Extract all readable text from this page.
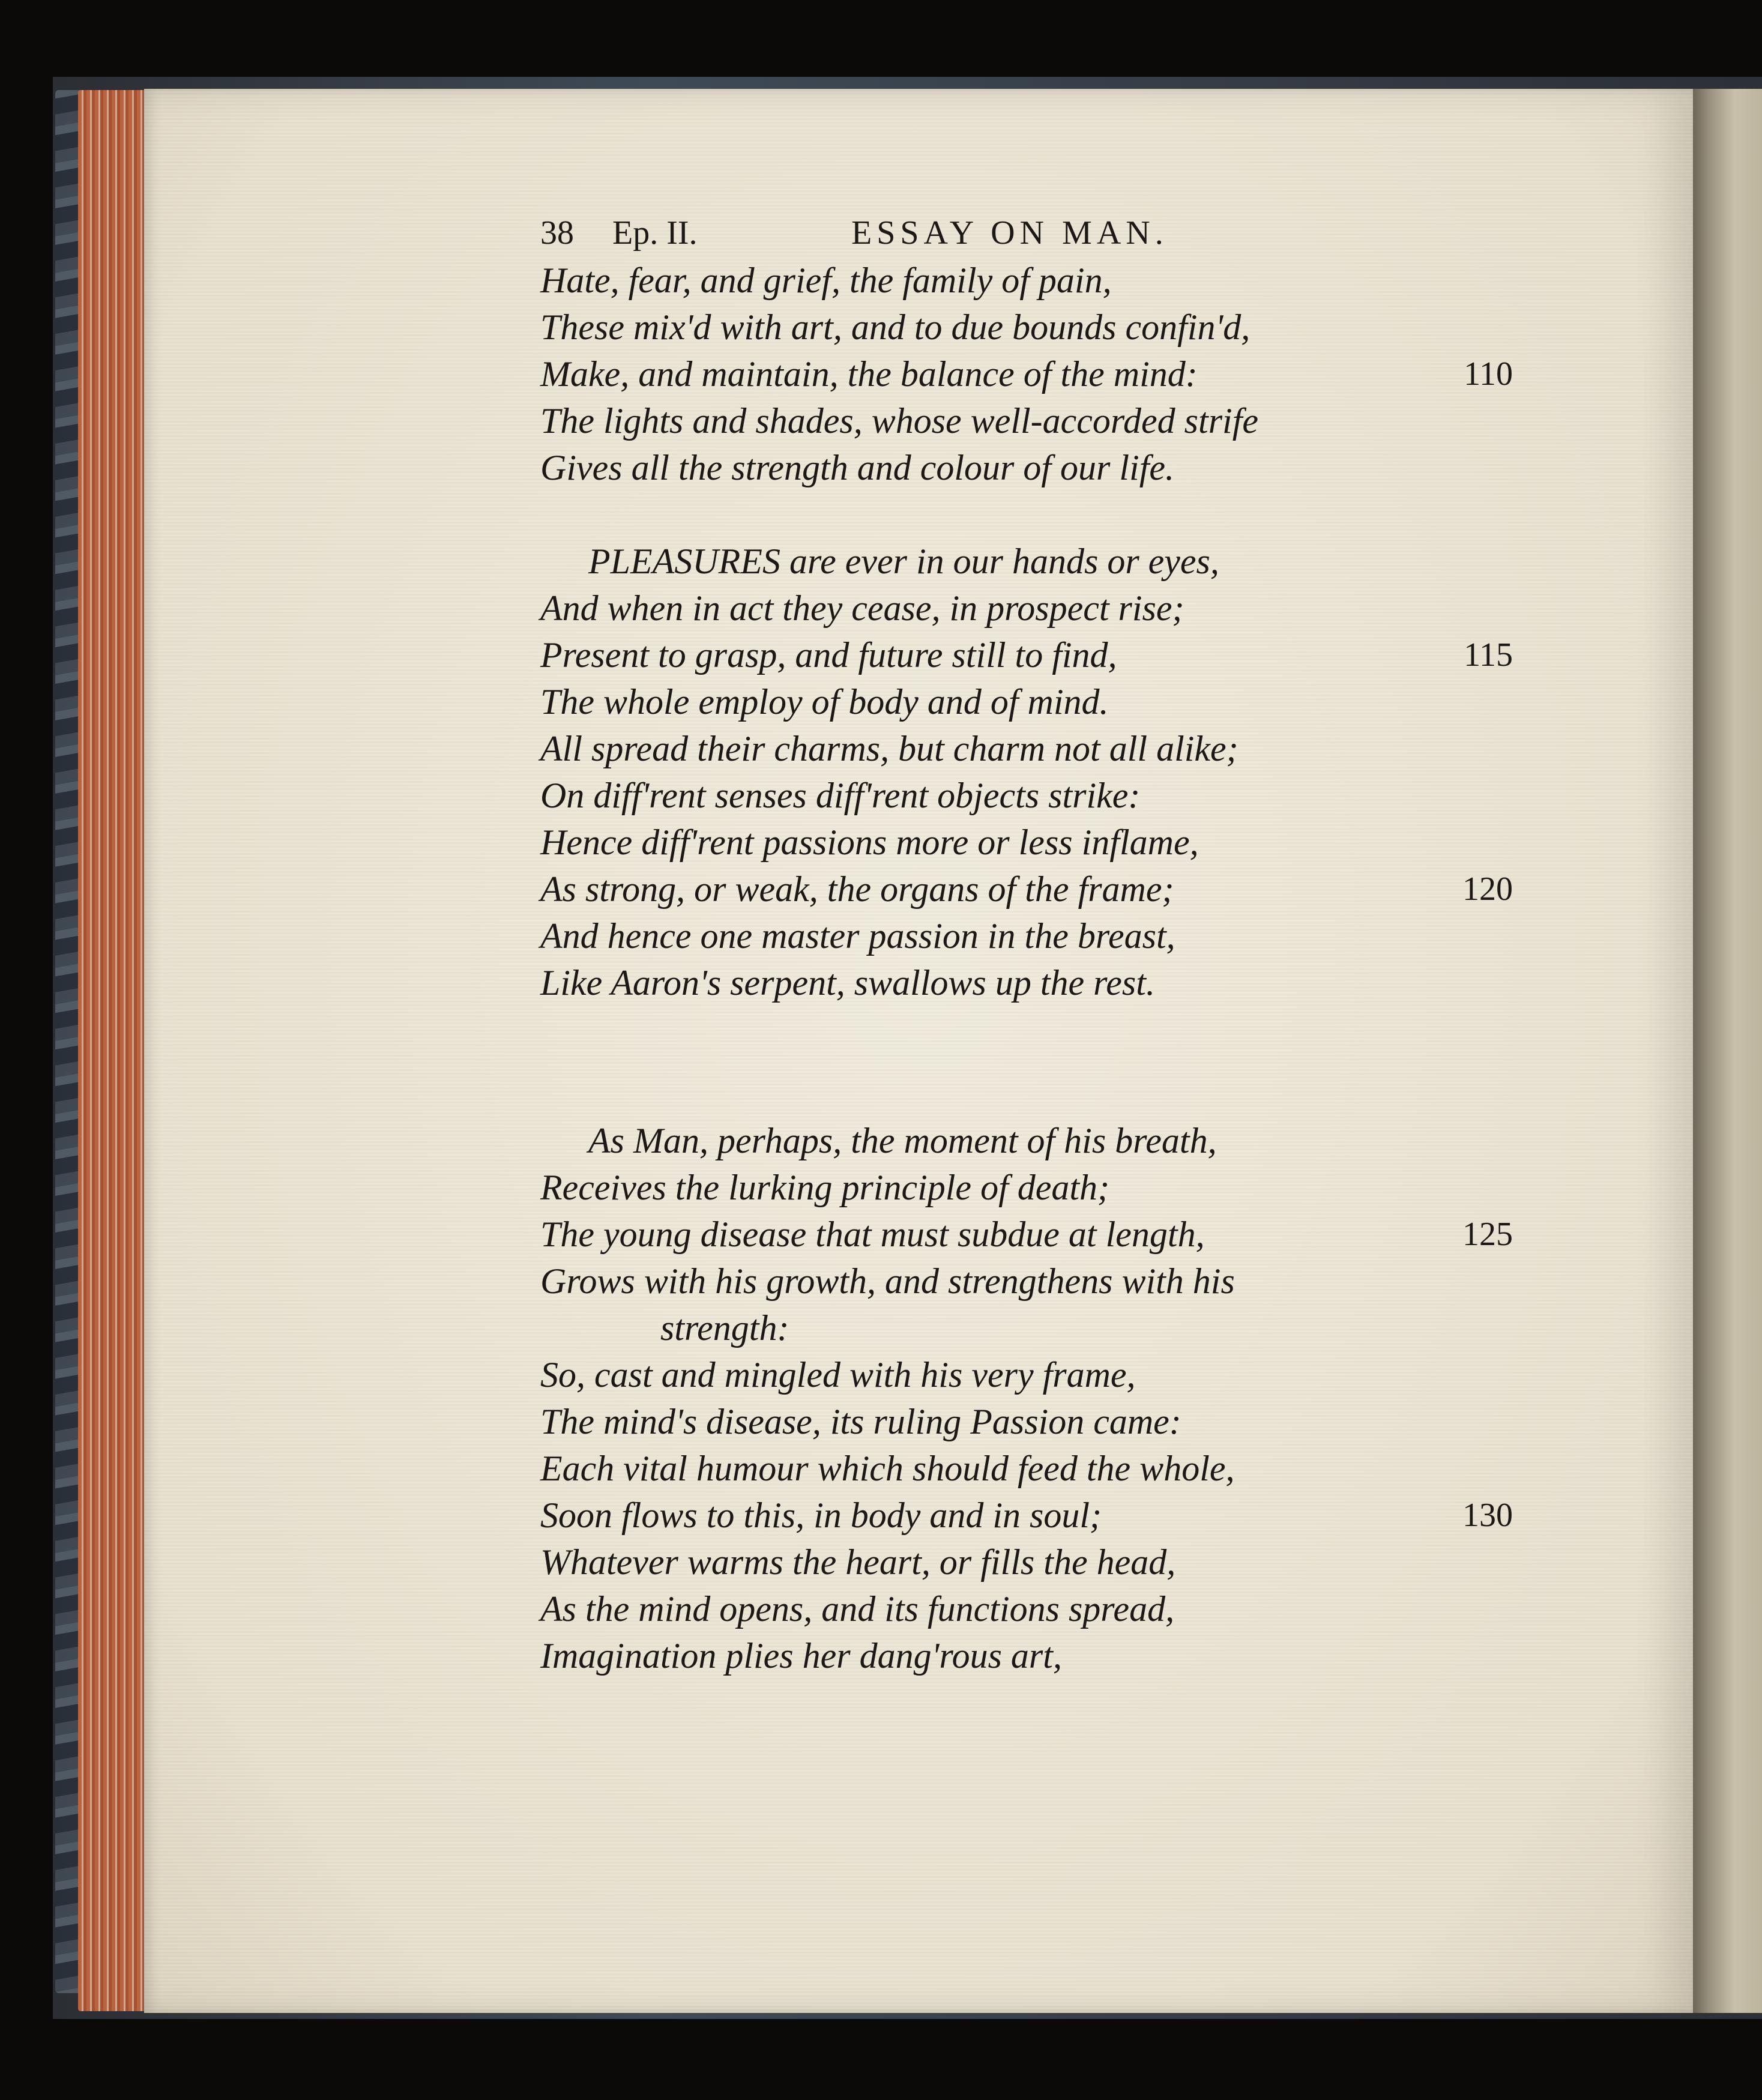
38 Ep. II.	ESSAY ON MAN.
Hate, fear, and grief, the family of pain,
These mix'd with art, and to due bounds confin'd,
Make, and maintain, the balance of the mind:	110
The lights and shades, whose well-accorded strife
Gives all the strength and colour of our life.
PLEASURES are ever in our hands or eyes,
And when in act they cease, in prospect rise;
Present to grasp, and future still to find,	115
The whole employ of body and of mind.
All spread their charms, but charm not all alike;
On diff'rent senses diff'rent objects strike:
Hence diff'rent passions more or less inflame,
As strong, or weak, the organs of the frame;	120
And hence one master passion in the breast,
Like Aaron's serpent, swallows up the rest.
As Man, perhaps, the moment of his breath,
Receives the lurking principle of death;
The young disease that must subdue at length,	125
Grows with his growth, and strengthens with his
strength:
So, cast and mingled with his very frame,
The mind's disease, its ruling Passion came:
Each vital humour which should feed the whole,
Soon flows to this, in body and in soul;	130
Whatever warms the heart, or fills the head,
As the mind opens, and its functions spread,
Imagination plies her dang'rous art,
